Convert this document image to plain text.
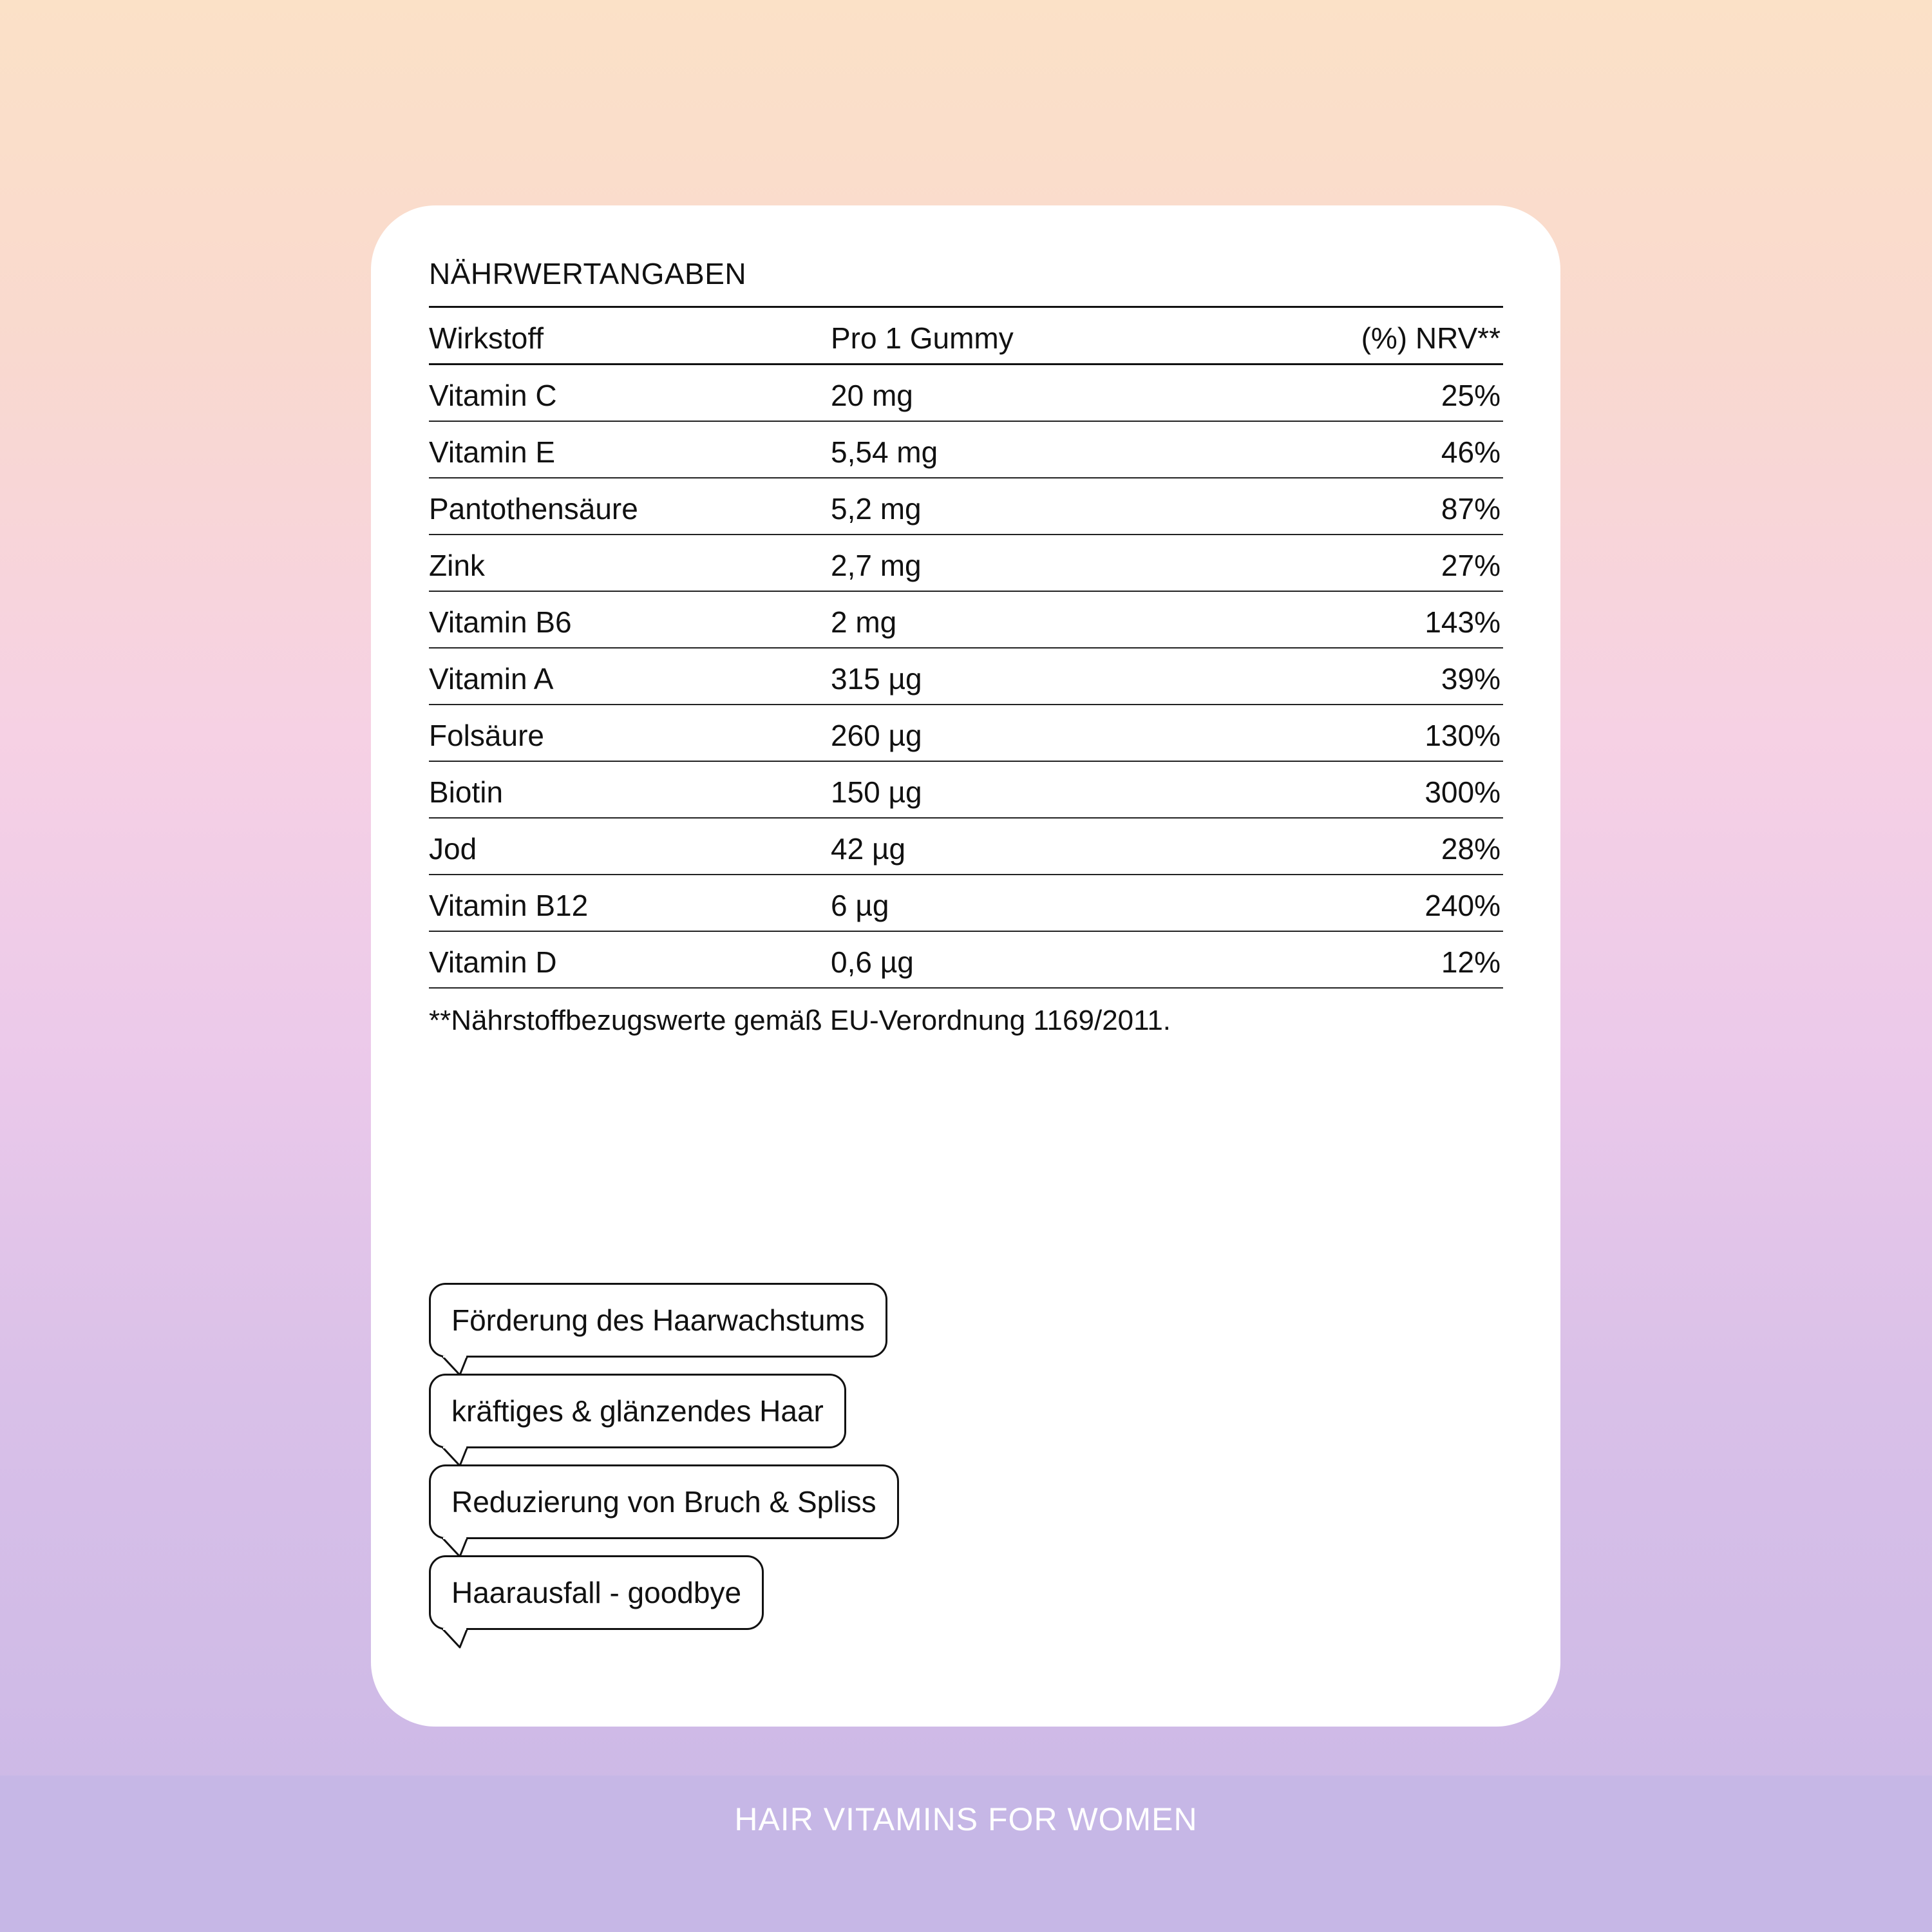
NÄHRWERTANGABEN
Wirkstoff	Pro 1 Gummy	(%) NRV**
Vitamin C	20 mg	25%
Vitamin E	5,54 mg	46%
Pantothensäure	5,2 mg	87%
Zink	2,7 mg	27%
Vitamin B6	2 mg	143%
Vitamin A	315 µg	39%
Folsäure	260 µg	130%
Biotin	150 µg	300%
Jod	42 µg	28%
Vitamin B12	6 µg	240%
Vitamin D	0,6 µg	12%
**Nährstoffbezugswerte gemäß EU-Verordnung 1169/2011.
Förderung des Haarwachstums
kräftiges & glänzendes Haar
Reduzierung von Bruch & Spliss
Haarausfall - goodbye
HAIR VITAMINS FOR WOMEN
